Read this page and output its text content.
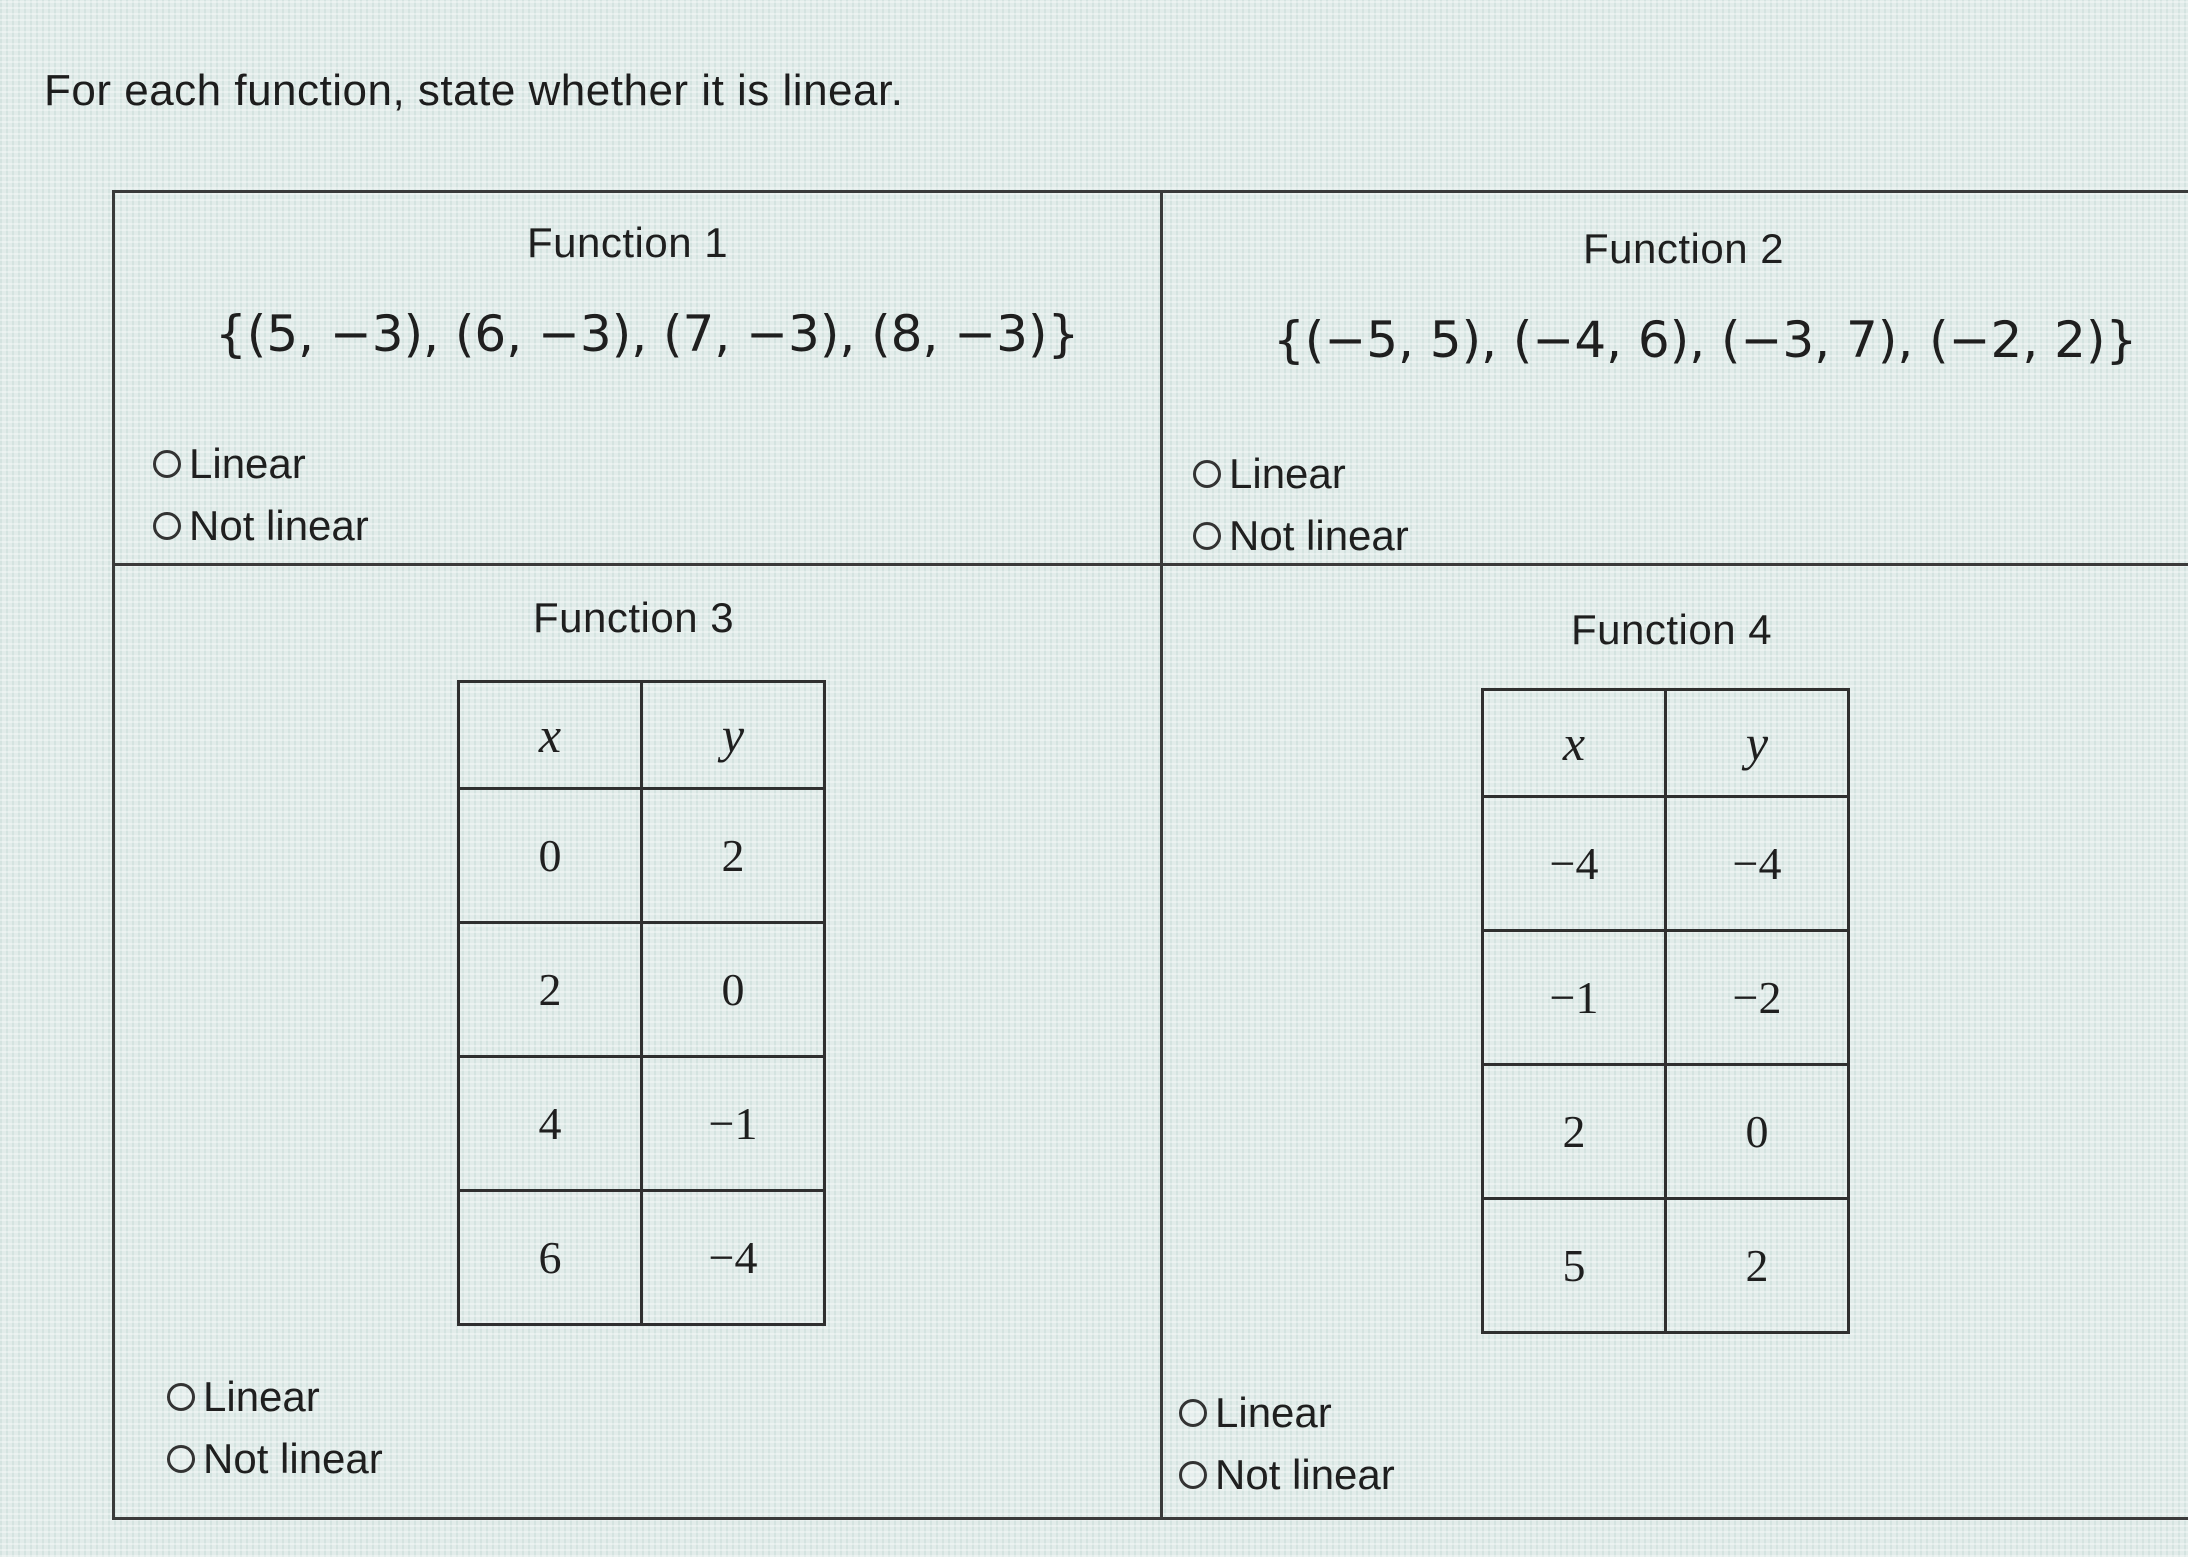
For each function, state whether it is linear.
Function 1
{(5, −3), (6, −3), (7, −3), (8, −3)}
Linear
Not linear
Function 2
{(−5, 5), (−4, 6), (−3, 7), (−2, 2)}
Linear
Not linear
Function 3
x	y
0	2
2	0
4	−1
6	−4
Linear
Not linear
Function 4
x	y
−4	−4
−1	−2
2	0
5	2
Linear
Not linear
